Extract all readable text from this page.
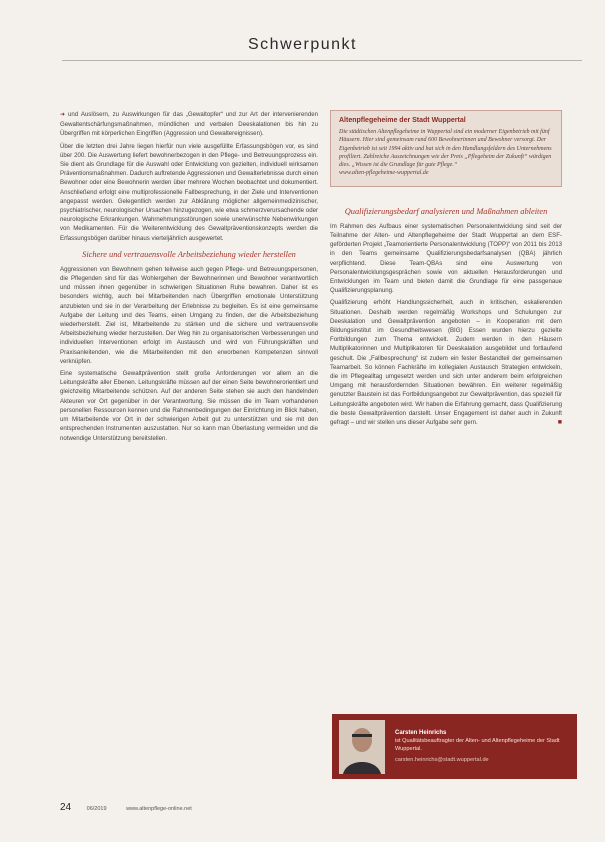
Schwerpunkt

➜ und Auslösern, zu Auswirkungen für das „Gewaltopfer“ und zur Art der intervenierenden Gewaltentschärfungsmaßnahmen, mündlichen und verbalen Deeskalationen bis hin zu Übergriffen mit körperlichen Eingriffen (Aggression und Gewaltereignissen).

Über die letzten drei Jahre liegen hierfür nun viele ausgefüllte Erfassungsbögen vor, es sind über 200. Die Auswertung liefert bewohnerbezogen in den Pflege- und Betreuungsprozess ein. Sie dient als Grundlage für die Auswahl oder Entwicklung von gezielten, individuell wirksamen Präventionsmaßnahmen. Dadurch auftretende Aggressionen und Gewalterlebnisse durch einen Bewohner oder eine Bewohnerin werden über mehrere Wochen beobachtet und dokumentiert. Anschließend erfolgt eine multiprofessionelle Fallbesprechung, in der Ziele und Interventionen angepasst werden. Gelegentlich werden zur Abklärung möglicher allgemeinmedizinischer, psychiatrischer, neurologischer Ursachen hinzugezogen, wie etwa schmerzverursachende oder neurologische Erkrankungen. Wahrnehmungsstörungen sowie unerwünschte Nebenwirkungen von Medikamenten. Für die Weiterentwicklung des Gewaltpräventionskonzepts werden die Erfassungsbögen darüber hinaus vierteljährlich ausgewertet.

Sichere und vertrauensvolle Arbeitsbeziehung wieder herstellen

Aggressionen von Bewohnern gehen teilweise auch gegen Pflege- und Betreuungspersonen, die Pflegenden sind für das Wohlergehen der Bewohnerinnen und Bewohner verantwortlich und müssen ihnen gegenüber in schwierigen Situationen Ruhe bewahren. Daher ist es besonders wichtig, auch bei Mitarbeitenden nach Übergriffen emotionale Unterstützung anzubieten und sie in der Verarbeitung der Erlebnisse zu begleiten. Es ist eine gemeinsame Aufgabe der Leitung und des Teams, einen Umgang zu finden, der die Arbeitsbeziehung wiederherstellt. Ziel ist, Mitarbeitende zu stärken und die sichere und vertrauensvolle Arbeitsbeziehung wieder herzustellen. Der Weg hin zu organisatorischen Verbesserungen und individuellen Interventionen erfolgt im Austausch und wird von Führungskräften und Praxisanleitenden, wie die Mitarbeitenden mit den erworbenen Kompetenzen sinnvoll verknüpfen.

Eine systematische Gewaltprävention stellt große Anforderungen vor allem an die Leitungskräfte aller Ebenen. Leitungskräfte müssen auf der einen Seite bewohnerorientiert und gleichzeitig Mitarbeitende schützen. Auf der anderen Seite stehen sie auch den handelnden Akteuren vor Ort gegenüber in der Verantwortung. Sie müssen die im Team vorhandenen personellen Ressourcen kennen und die Rahmenbedingungen der Einrichtung im Blick haben, um Mitarbeitende vor Ort in der schwierigen Arbeit gut zu unterstützen und sie mit den entsprechenden Instrumenten auszustatten. Nur so kann man Überlastung vermeiden und die notwendige Unterstützung bereitstellen.

Altenpflegeheime der Stadt Wuppertal
Die städtischen Altenpflegeheime in Wuppertal sind ein moderner Eigenbetrieb mit fünf Häusern. Hier sind gemeinsam rund 600 Bewohnerinnen und Bewohner versorgt. Der Eigenbetrieb ist seit 1994 aktiv und hat sich in den Handlungsfeldern des Unternehmens profiliert. Zahlreiche Auszeichnungen wie der Preis „Pflegeheim der Zukunft“ würdigen dies. „Wissen ist die Grundlage für gute Pflege.“
www.alten-pflegeheime-wuppertal.de
Qualifizierungsbedarf analysieren und Maßnahmen ableiten

Im Rahmen des Aufbaus einer systematischen Personalentwicklung sind seit der Teilnahme der Alten- und Altenpflegeheime der Stadt Wuppertal an dem ESF-geförderten Projekt „Teamorientierte Personalentwicklung (TOPP)“ von 2011 bis 2013 in den Teams gemeinsame Qualifizierungsbedarfsanalysen (QBA) jährlich verpflichtend. Diese Team-QBAs sind eine Auswertung von Personalentwicklungsgesprächen sowie von aktuellen Herausforderungen und Entwicklungen im Team und bieten damit die Grundlage für eine passgenaue Qualifizierungsplanung.

Qualifizierung erhöht Handlungssicherheit, auch in kritischen, eskalierenden Situationen. Deshalb werden regelmäßig Workshops und Schulungen zur Deeskalation und Gewaltprävention angeboten – in Kooperation mit dem Bildungsinstitut im Gesundheitswesen (BIG) Essen wurden hierzu gezielte Fortbildungen zum Thema entwickelt. Zudem werden in den Häusern Multiplikatorinnen und Multiplikatoren für Deeskalation ausgebildet und fortlaufend geschult. Die „Fallbesprechung“ ist zudem ein fester Bestandteil der gemeinsamen Teamarbeit. So können Fachkräfte im kollegialen Austausch Strategien entwickeln, die im Pflegealltag umgesetzt werden und sich unter anderem beim erfolgreichen Umgang mit herausfordernden Situationen bewähren. Ein weiterer regelmäßig genutzter Baustein ist das Fortbildungsangebot zur Gewaltprävention, das speziell für Leitungskräfte angeboten wird. Wir haben die Erfahrung gemacht, dass Qualifizierung die beste Gewaltprävention darstellt. Unser Engagement ist daher auch in Zukunft gefragt – und wir stellen uns dieser Aufgabe sehr gern.	■

Carsten Heinrichs
ist Qualitätsbeauftragter der Alten- und Altenpflegeheime der Stadt Wuppertal.
carsten.heinrichs@stadt.wuppertal.de
24	06/2019	www.altenpflege-online.net
